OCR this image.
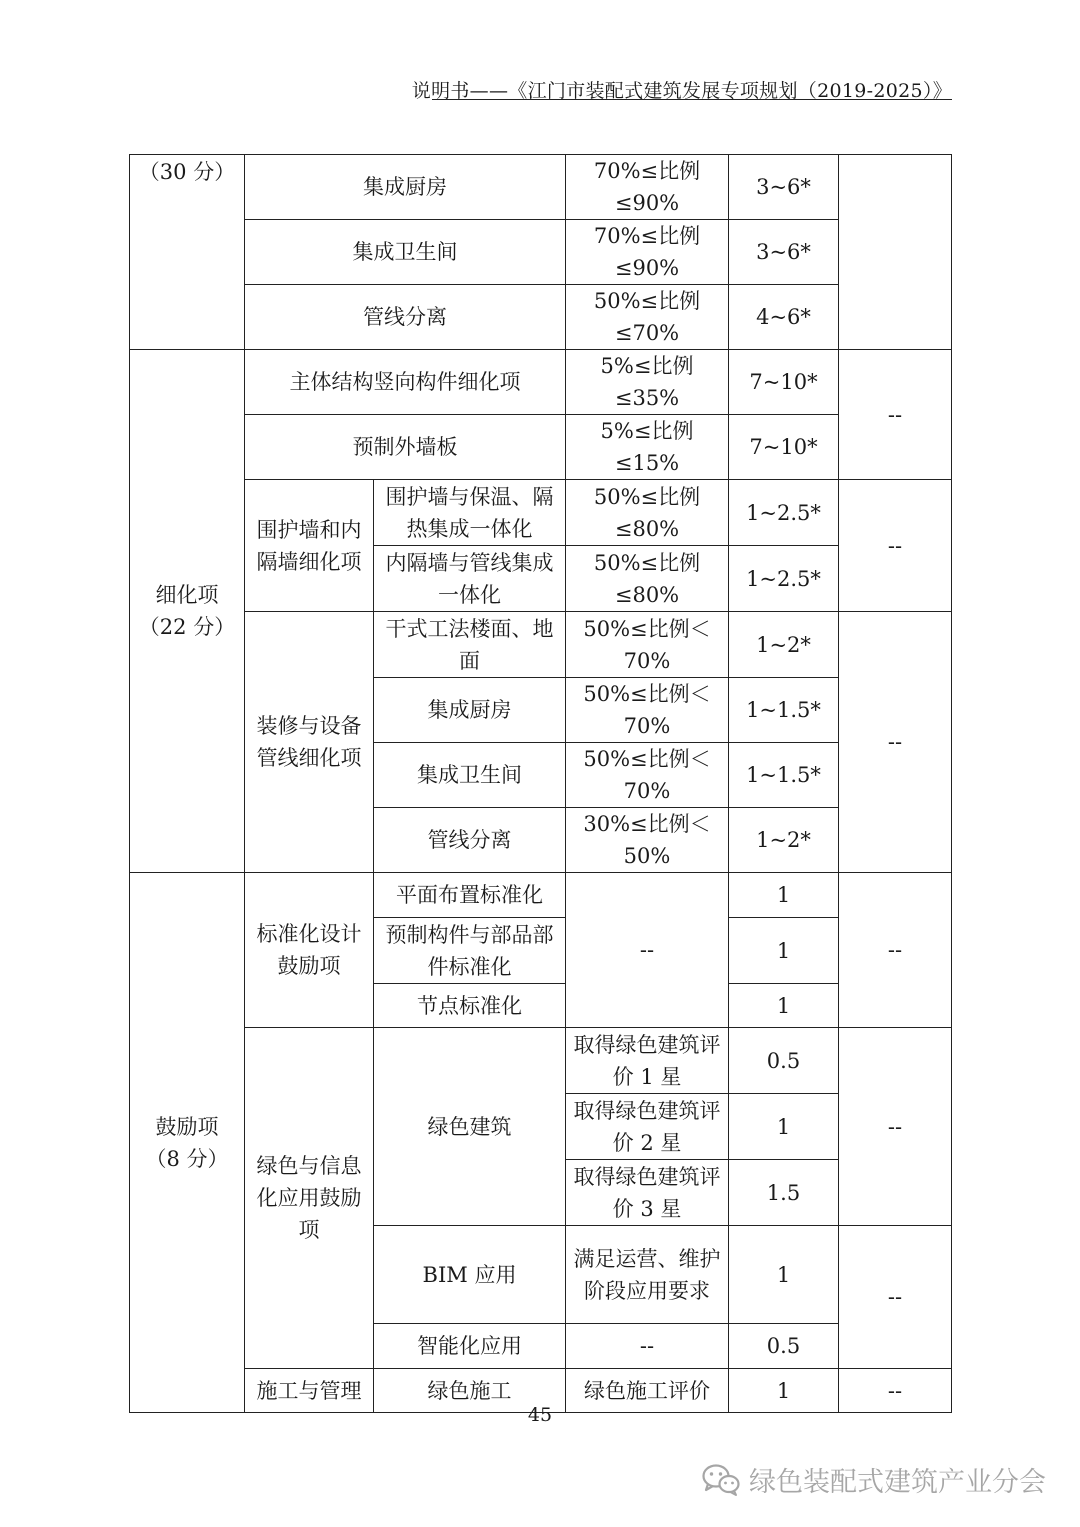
说明书——《江门市装配式建筑发展专项规划（2019-2025）》
（30 分）	集成厨房		70%≤比例≤90%	3~6*	
	集成卫生间		70%≤比例≤90%	3~6*	
	管线分离		50%≤比例≤70%	4~6*	
细化项
（22 分）	主体结构竖向构件细化项		5%≤比例≤35%	7~10*	--
	预制外墙板		5%≤比例≤15%	7~10*	
	围护墙和内隔墙细化项	围护墙与保温、隔热集成一体化	50%≤比例≤80%	1~2.5*	--
		内隔墙与管线集成一体化	50%≤比例≤80%	1~2.5*	
	装修与设备管线细化项	干式工法楼面、地面	50%≤比例＜70%	1~2*	--
		集成厨房	50%≤比例＜70%	1~1.5*	
		集成卫生间	50%≤比例＜70%	1~1.5*	
		管线分离	30%≤比例＜50%	1~2*	
鼓励项
（8 分）	标准化设计鼓励项	平面布置标准化	--	1	--
		预制构件与部品部件标准化		1	
		节点标准化		1	
	绿色与信息化应用鼓励项	绿色建筑	取得绿色建筑评价 1 星	0.5	--
			取得绿色建筑评价 2 星	1	
			取得绿色建筑评价 3 星	1.5	
		BIM 应用	满足运营、维护阶段应用要求	1	--
		智能化应用	--	0.5	
	施工与管理	绿色施工	绿色施工评价	1	--
45
绿色装配式建筑产业分会
